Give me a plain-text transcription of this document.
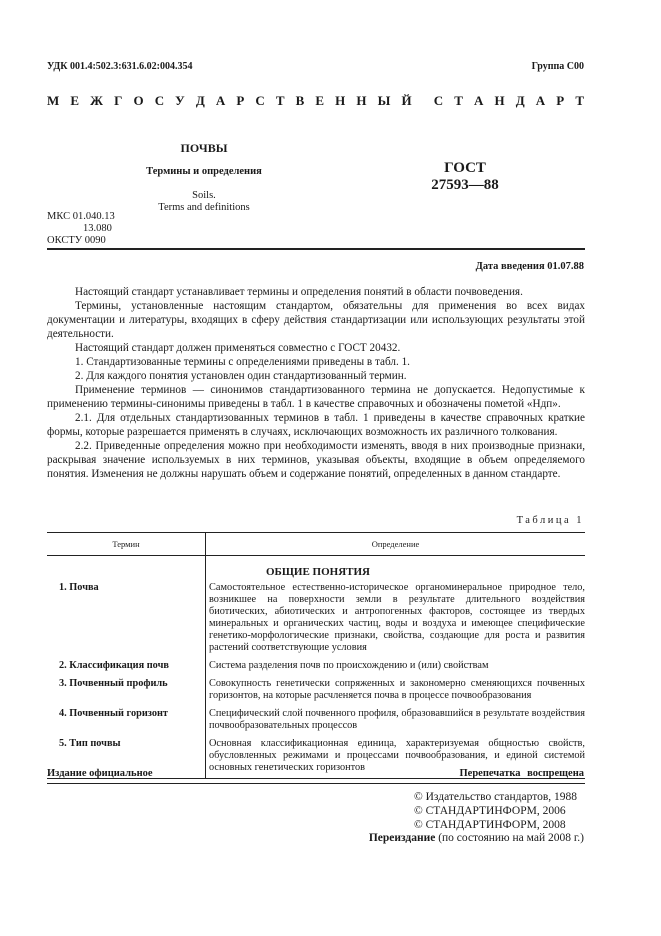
УДК 001.4:502.3:631.6.02:004.354	Группа С00
М Е Ж Г О С У Д А Р С Т В Е Н Н Ы Й С Т А Н Д А Р Т
ПОЧВЫ
Термины и определения
Soils.
Terms and definitions
ГОСТ
27593—88
МКС 01.040.13
13.080
ОКСТУ 0090
Дата введения 01.07.88

Настоящий стандарт устанавливает термины и определения понятий в области почвоведения.

Термины, установленные настоящим стандартом, обязательны для применения во всех видах документации и литературы, входящих в сферу действия стандартизации или использующих результаты этой деятельности.

Настоящий стандарт должен применяться совместно с ГОСТ 20432.

1. Стандартизованные термины с определениями приведены в табл. 1.

2. Для каждого понятия установлен один стандартизованный термин.

Применение терминов — синонимов стандартизованного термина не допускается. Недопустимые к применению термины-синонимы приведены в табл. 1 в качестве справочных и обозначены пометой «Ндп».

2.1. Для отдельных стандартизованных терминов в табл. 1 приведены в качестве справочных краткие формы, которые разрешается применять в случаях, исключающих возможность их различного толкования.

2.2. Приведенные определения можно при необходимости изменять, вводя в них производные признаки, раскрывая значение используемых в них терминов, указывая объекты, входящие в объем определяемого понятия. Изменения не должны нарушать объем и содержание понятий, определенных в данном стандарте.

Таблица 1
Термин	Определение
	ОБЩИЕ ПОНЯТИЯ
1. Почва	Самостоятельное естественно-историческое органоминеральное природное тело, возникшее на поверхности земли в результате длительного воздействия биотических, абиотических и антропогенных факторов, состоящее из твердых минеральных и органических частиц, воды и воздуха и имеющее специфические генетико-морфологические признаки, свойства, создающие для роста и развития растений соответствующие условия
2. Классификация почв	Система разделения почв по происхождению и (или) свойствам
3. Почвенный профиль	Совокупность генетически сопряженных и закономерно сменяющихся почвенных горизонтов, на которые расчленяется почва в процессе почвообразования
4. Почвенный горизонт	Специфический слой почвенного профиля, образовавшийся в результате воздействия почвообразовательных процессов
5. Тип почвы	Основная классификационная единица, характеризуемая общностью свойств, обусловленных режимами и процессами почвообразования, и единой системой основных генетических горизонтов
Издание официальное	Перепечатка воспрещена
© Издательство стандартов, 1988
© СТАНДАРТИНФОРМ, 2006
© СТАНДАРТИНФОРМ, 2008
Переиздание (по состоянию на май 2008 г.)
